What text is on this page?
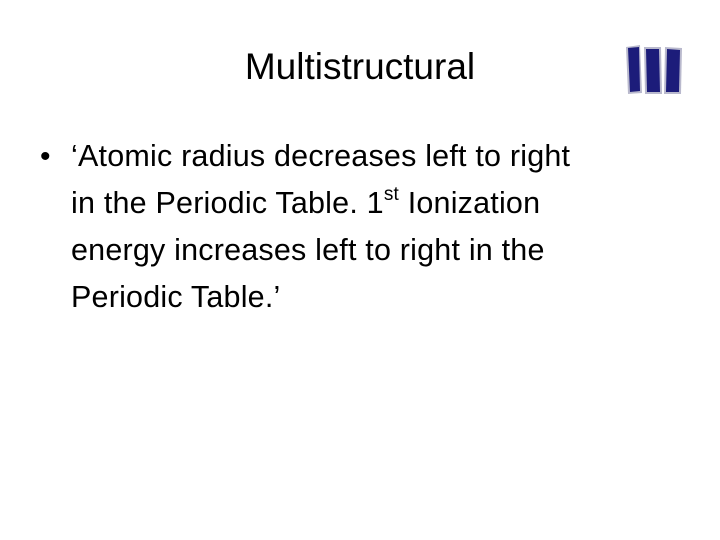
Multistructural
• ‘Atomic radius decreases left to right
in the Periodic Table. 1st Ionization
energy increases left to right in the
Periodic Table.’
